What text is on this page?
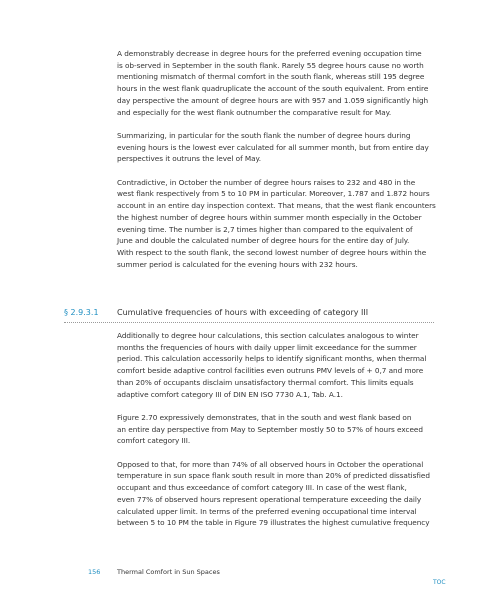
A demonstrably decrease in degree hours for the preferred evening occupation time
is ob-served in September in the south flank. Rarely 55 degree hours cause no worth
mentioning mismatch of thermal comfort in the south flank, whereas still 195 degree
hours in the west flank quadruplicate the account of the south equivalent. From entire
day perspective the amount of degree hours are with 957 and 1.059 significantly high
and especially for the west flank outnumber the comparative result for May.

Summarizing, in particular for the south flank the number of degree hours during
evening hours is the lowest ever calculated for all summer month, but from entire day
perspectives it outruns the level of May.

Contradictive, in October the number of degree hours raises to 232 and 480 in the
west flank respectively from 5 to 10 PM in particular. Moreover, 1.787 and 1.872 hours
account in an entire day inspection context. That means, that the west flank encounters
the highest number of degree hours within summer month especially in the October
evening time. The number is 2,7 times higher than compared to the equivalent of
June and double the calculated number of degree hours for the entire day of July.
With respect to the south flank, the second lowest number of degree hours within the
summer period is calculated for the evening hours with 232 hours.

§ 2.9.3.1 Cumulative frequencies of hours with exceeding of category III

Additionally to degree hour calculations, this section calculates analogous to winter
months the frequencies of hours with daily upper limit exceedance for the summer
period. This calculation accessorily helps to identify significant months, when thermal
comfort beside adaptive control facilities even outruns PMV levels of + 0,7 and more
than 20% of occupants disclaim unsatisfactory thermal comfort. This limits equals
adaptive comfort category III of DIN EN ISO 7730 A.1, Tab. A.1.

Figure 2.70 expressively demonstrates, that in the south and west flank based on
an entire day perspective from May to September mostly 50 to 57% of hours exceed
comfort category III.

Opposed to that, for more than 74% of all observed hours in October the operational
temperature in sun space flank south result in more than 20% of predicted dissatisfied
occupant and thus exceedance of comfort category III. In case of the west flank,
even 77% of observed hours represent operational temperature exceeding the daily
calculated upper limit. In terms of the preferred evening occupational time interval
between 5 to 10 PM the table in Figure 79 illustrates the highest cumulative frequency

156	Thermal Comfort in Sun Spaces
TOC
